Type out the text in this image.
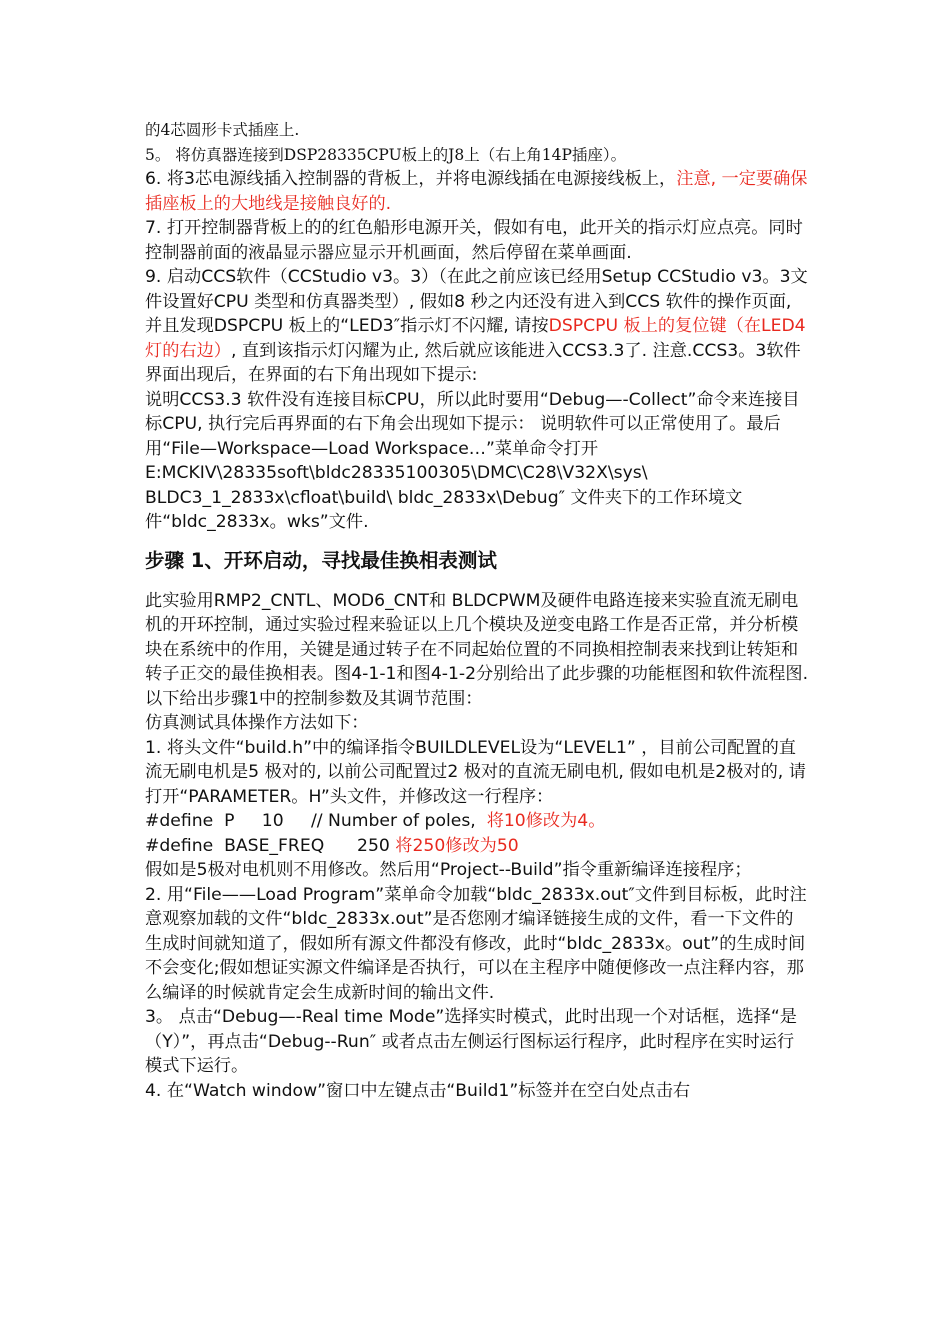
的4芯圆形卡式插座上.

5。 将仿真器连接到DSP28335CPU板上的J8上（右上角14P插座）。

6. 将3芯电源线插入控制器的背板上，并将电源线插在电源接线板上，注意, 一定要确保插座板上的大地线是接触良好的.

7. 打开控制器背板上的的红色船形电源开关，假如有电，此开关的指示灯应点亮。同时控制器前面的液晶显示器应显示开机画面，然后停留在菜单画面.

9. 启动CCS软件（CCStudio v3。3）（在此之前应该已经用Setup CCStudio v3。3文件设置好CPU 类型和仿真器类型）, 假如8 秒之内还没有进入到CCS 软件的操作页面, 并且发现DSPCPU 板上的“LED3″指示灯不闪耀, 请按DSPCPU 板上的复位键（在LED4灯的右边）, 直到该指示灯闪耀为止, 然后就应该能进入CCS3.3了. 注意.CCS3。3软件界面出现后，在界面的右下角出现如下提示:

说明CCS3.3 软件没有连接目标CPU，所以此时要用“Debug—-Collect”命令来连接目标CPU, 执行完后再界面的右下角会出现如下提示： 说明软件可以正常使用了。最后用“File—Workspace—Load Workspace…”菜单命令打开E:MCKIV\28335soft\bldc28335100305\DMC\C28\V32X\sys\ BLDC3_1_2833x\cfloat\build\ bldc_2833x\Debug″ 文件夹下的工作环境文件“bldc_2833x。wks”文件.

步骤 1、开环启动，寻找最佳换相表测试

此实验用RMP2_CNTL、MOD6_CNT和 BLDCPWM及硬件电路连接来实验直流无刷电机的开环控制，通过实验过程来验证以上几个模块及逆变电路工作是否正常，并分析模块在系统中的作用，关键是通过转子在不同起始位置的不同换相控制表来找到让转矩和转子正交的最佳换相表。图4-1-1和图4-1-2分别给出了此步骤的功能框图和软件流程图. 以下给出步骤1中的控制参数及其调节范围：

仿真测试具体操作方法如下：

1. 将头文件“build.h”中的编译指令BUILDLEVEL设为“LEVEL1” ，目前公司配置的直流无刷电机是5 极对的, 以前公司配置过2 极对的直流无刷电机, 假如电机是2极对的, 请打开“PARAMETER。H”头文件，并修改这一行程序：

#define  P     10     // Number of poles,  将10修改为4。

#define  BASE_FREQ      250 将250修改为50

假如是5极对电机则不用修改。然后用“Project--Build”指令重新编译连接程序；

2. 用“File——Load Program”菜单命令加载“bldc_2833x.out″文件到目标板，此时注意观察加载的文件“bldc_2833x.out”是否您刚才编译链接生成的文件，看一下文件的生成时间就知道了，假如所有源文件都没有修改，此时“bldc_2833x。out”的生成时间不会变化;假如想证实源文件编译是否执行，可以在主程序中随便修改一点注释内容，那么编译的时候就肯定会生成新时间的输出文件.

3。 点击“Debug—-Real time Mode”选择实时模式，此时出现一个对话框，选择“是（Y）”，再点击“Debug--Run″ 或者点击左侧运行图标运行程序，此时程序在实时运行模式下运行。

4. 在“Watch window”窗口中左键点击“Build1”标签并在空白处点击右
